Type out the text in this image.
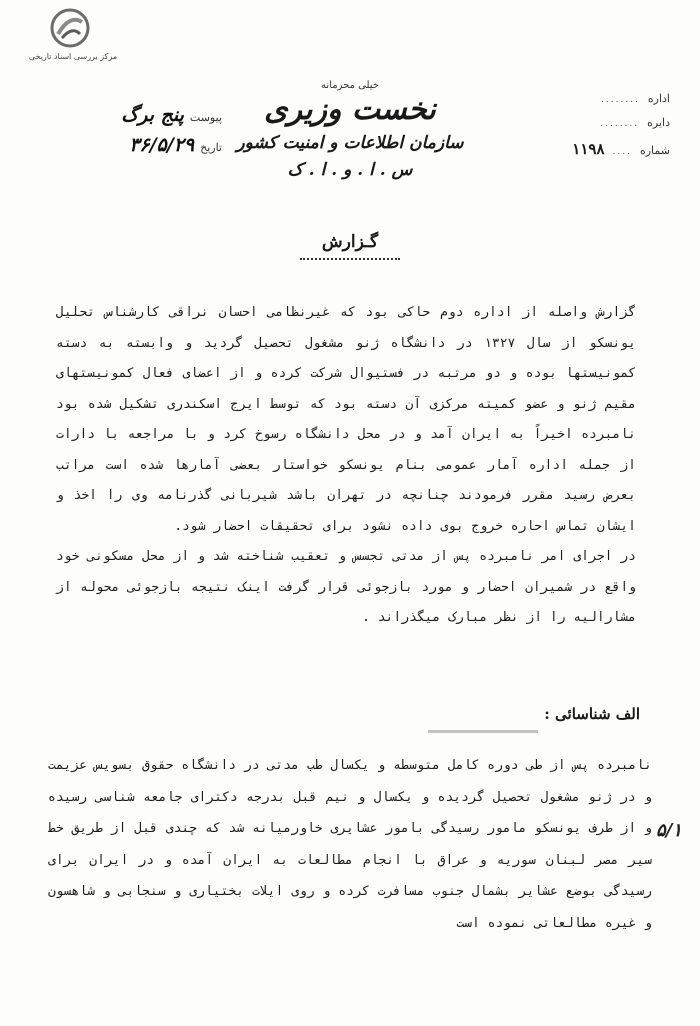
مرکز بررسی اسناد تاریخی
پیوست
پنج برگ
تاریخ
۳۶/۵/۲۹
خیلی محرمانه
نخست وزیری
سازمان اطلاعات و امنیت کشور
س . ا . و . ا . ک
اداره
........
دایره
........
شماره
....
۱۱۹۸
گـزارش

گزارش واصله از اداره دوم حاکی بود که غیرنظامی احسان نراقی کارشناس تحلیل یونسکو از سال ۱۳۲۷ در دانشگاه ژنو مشغول تحصیل گردید و وابسته به دسته کمونیستها بوده و دو مرتبه در فستیوال شرکت کرده و از اعضای فعال کمونیستهای مقیم ژنو و عضو کمیته مرکزی آن دسته بود که توسط ایرج اسکندری تشکیل شده بود نامبرده اخیراً به ایران آمد و در محل دانشگاه رسوخ کرد و با مراجعه با دارات از جمله اداره آمار عمومی بنام یونسکو خواستار بعضی آمارها شده است مراتب بعرض رسید مقرر فرمودند چنانچه در تهران باشد شیربانی گذرنامه وی را اخذ و ایشان تماس احاره خروج بوی داده نشود برای تحقیقات احضار شود.

در اجرای امر نامبرده پس از مدتی تجسس و تعقیب شناخته شد و از محل مسکونی خود واقع در شمیران احضار و مورد بازجوئی قرار گرفت اینک نتیجه بازجوئی محوله از مشارالیه را از نظر مبارک میگذراند .

الف شناسائی :

نامبرده پس از طی دوره کامل متوسطه و یکسال طب مدتی در دانشگاه حقوق بسویس عزیمت و در ژنو مشغول تحصیل گردیده و یکسال و نیم قبل بدرجه دکترای جامعه شناسی رسیده و از طرف یونسکو مامور رسیدگی بامور عشایری خاورمیانه شد که چندی قبل از طریق خط سیر مصر لبنان سوریه و عراق با انجام مطالعات به ایران آمده و در ایران برای رسیدگی بوضع عشایر بشمال جنوب مسافرت کرده و روی ایلات بختیاری و سنجابی و شاهسون و غیره مطالعاتی نموده است

۵/۱
